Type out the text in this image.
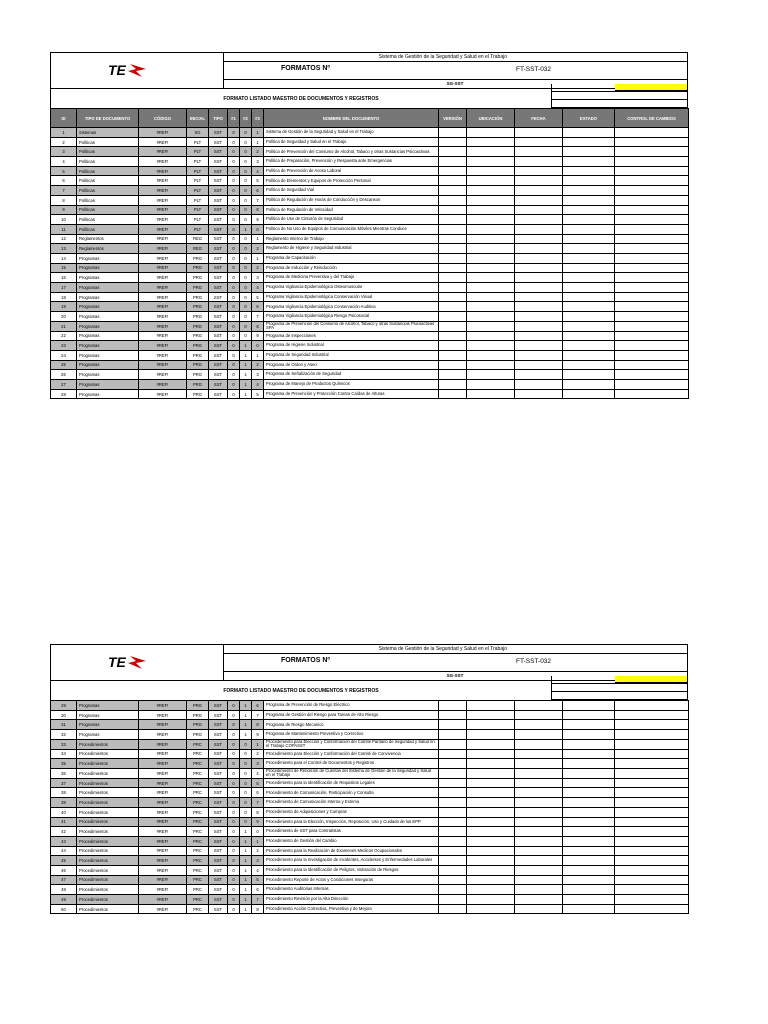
TE
Sistema de Gestión de la Seguridad y Salud en el Trabajo
FORMATOS Nº	FT-SST-032
SG-SST
FORMATO LISTADO MAESTRO DE DOCUMENTOS Y REGISTROS
ID	TIPO DE DOCUMENTO	CÓDIGO	INICIAL	TIPO	#1	#2	#3	NOMBRE DEL DOCUMENTO	VERSIÓN	UBICACIÓN	FECHA	ESTADO	CONTROL DE CAMBIOS
1	Sistemas	#REF!	SG	SST	0	0	1	Sistema de Gestión de la Seguridad y Salud en el Trabajo					
2	Políticas	#REF!	PLT	SST	0	0	1	Política de Seguridad y Salud en el Trabajo					
3	Políticas	#REF!	PLT	SST	0	0	2	Política de Prevención del Consumo de Alcohol, Tabaco y otras Sustancias Psicoactivas					
4	Políticas	#REF!	PLT	SST	0	0	3	Política de Preparación, Prevención y Respuesta ante Emergencias					
5	Políticas	#REF!	PLT	SST	0	0	4	Política de Prevención de Acoso Laboral					
6	Políticas	#REF!	PLT	SST	0	0	5	Política de Elementos y Equipos de Protección Personal					
7	Políticas	#REF!	PLT	SST	0	0	6	Política de Seguridad Vial					
8	Políticas	#REF!	PLT	SST	0	0	7	Política de Regulación de Horas de Conducción y Descansos					
9	Políticas	#REF!	PLT	SST	0	0	8	Política de Regulación de Velocidad					
10	Políticas	#REF!	PLT	SST	0	0	9	Política de Uso de Cinturón de Seguridad					
11	Políticas	#REF!	PLT	SST	0	1	0	Política de No Uso de Equipos de Comunicación Móviles Mientras Conduce					
12	Reglamentos	#REF!	REG	SST	0	0	1	Reglamento Interno de Trabajo					
13	Reglamentos	#REF!	REG	SST	0	0	2	Reglamento de Higiene y Seguridad Industrial					
14	Programas	#REF!	PRG	SST	0	0	1	Programa de Capacitación					
15	Programas	#REF!	PRG	SST	0	0	2	Programa de Inducción y Reinducción					
16	Programas	#REF!	PRG	SST	0	0	3	Programa de Medicina Preventiva y del Trabajo					
17	Programas	#REF!	PRG	SST	0	0	4	Programa Vigilancia Epidemiológica Osteomuscular					
18	Programas	#REF!	PRG	SST	0	0	5	Programa Vigilancia Epidemiológica Conservación Visual					
19	Programas	#REF!	PRG	SST	0	0	6	Programa Vigilancia Epidemiológica Conservación Auditiva					
20	Programas	#REF!	PRG	SST	0	0	7	Programa Vigilancia Epidemiológica Riesgo Psicosocial					
21	Programas	#REF!	PRG	SST	0	0	8	Programa de Prevención del Consumo de Alcohol, Tabaco y otras Sustancias Psicoactivas SPA					
22	Programas	#REF!	PRG	SST	0	0	9	Programa de Inspecciones					
23	Programas	#REF!	PRG	SST	0	1	0	Programa de Higiene Industrial					
24	Programas	#REF!	PRG	SST	0	1	1	Programa de Seguridad Industrial					
25	Programas	#REF!	PRG	SST	0	1	2	Programa de Orden y Aseo					
26	Programas	#REF!	PRG	SST	0	1	3	Programa de Señalización de Seguridad					
27	Programas	#REF!	PRG	SST	0	1	4	Programa de Manejo de Productos Químicos					
28	Programas	#REF!	PRG	SST	0	1	5	Programa de Prevención y Protección Contra Caídas de Alturas					
TE
Sistema de Gestión de la Seguridad y Salud en el Trabajo
FORMATOS Nº	FT-SST-032
SG-SST
FORMATO LISTADO MAESTRO DE DOCUMENTOS Y REGISTROS
29	Programas	#REF!	PRG	SST	0	1	6	Programa de Prevención de Riesgo Eléctrico					
30	Programas	#REF!	PRG	SST	0	1	7	Programa de Gestión del Riesgo para Tareas de Alto Riesgo					
31	Programas	#REF!	PRG	SST	0	1	8	Programa de Riesgo Mecanico					
32	Programas	#REF!	PRG	SST	0	1	9	Programa de Mantenimiento Preventivo y Correctivo					
33	Procedimientos	#REF!	PRC	SST	0	0	1	Procedimiento para Elección y Conformación del Comité Paritario de Seguridad y Salud en el Trabajo COPASST					
34	Procedimientos	#REF!	PRC	SST	0	0	2	Procedimiento para Elección y Conformación del Comité de Convivencia					
35	Procedimientos	#REF!	PRC	SST	0	0	3	Procedimiento para el Control de Documentos y Registros					
36	Procedimientos	#REF!	PRC	SST	0	0	4	Procedimiento de Rendición de Cuentas del Sistema de Gestión de la Seguridad y Salud en el Trabajo					
37	Procedimientos	#REF!	PRC	SST	0	0	5	Procedimiento para la Identificación de Requisitos Legales					
38	Procedimientos	#REF!	PRC	SST	0	0	6	Procedimiento de Comunicación, Participación y Consulta					
39	Procedimientos	#REF!	PRC	SST	0	0	7	Procedimiento de Comunicación Interna y Externa					
40	Procedimientos	#REF!	PRC	SST	0	0	8	Procedimiento de Adquisiciones y Compras					
41	Procedimientos	#REF!	PRC	SST	0	0	9	Procedimiento para la Elección, Inspección, Reposición, Uso y Cuidado de los EPP					
42	Procedimientos	#REF!	PRC	SST	0	1	0	Procedimiento de SST para Contratistas					
43	Procedimientos	#REF!	PRC	SST	0	1	1	Procedimiento de Gestión del Cambio					
44	Procedimientos	#REF!	PRC	SST	0	1	2	Procedimiento para la Realización de Examenes Medicos Ocupacionales					
45	Procedimientos	#REF!	PRC	SST	0	1	3	Procedimiento para la Investigación de Incidentes, Accidentes y Enfermedades Laborales					
46	Procedimientos	#REF!	PRC	SST	0	1	4	Procedimiento para la Identificación de Peligros, Valoración de Riesgos					
47	Procedimientos	#REF!	PRC	SST	0	1	5	Procedimiento Reporte de Actos y Condiciones Inseguras					
48	Procedimientos	#REF!	PRC	SST	0	1	6	Procedimiento Auditorias Internas					
49	Procedimientos	#REF!	PRC	SST	0	1	7	Procedimiento Revisión por la Alta Dirección					
50	Procedimientos	#REF!	PRC	SST	0	1	8	Procedimiento Acción Correctiva, Preventiva y de Mejora					
